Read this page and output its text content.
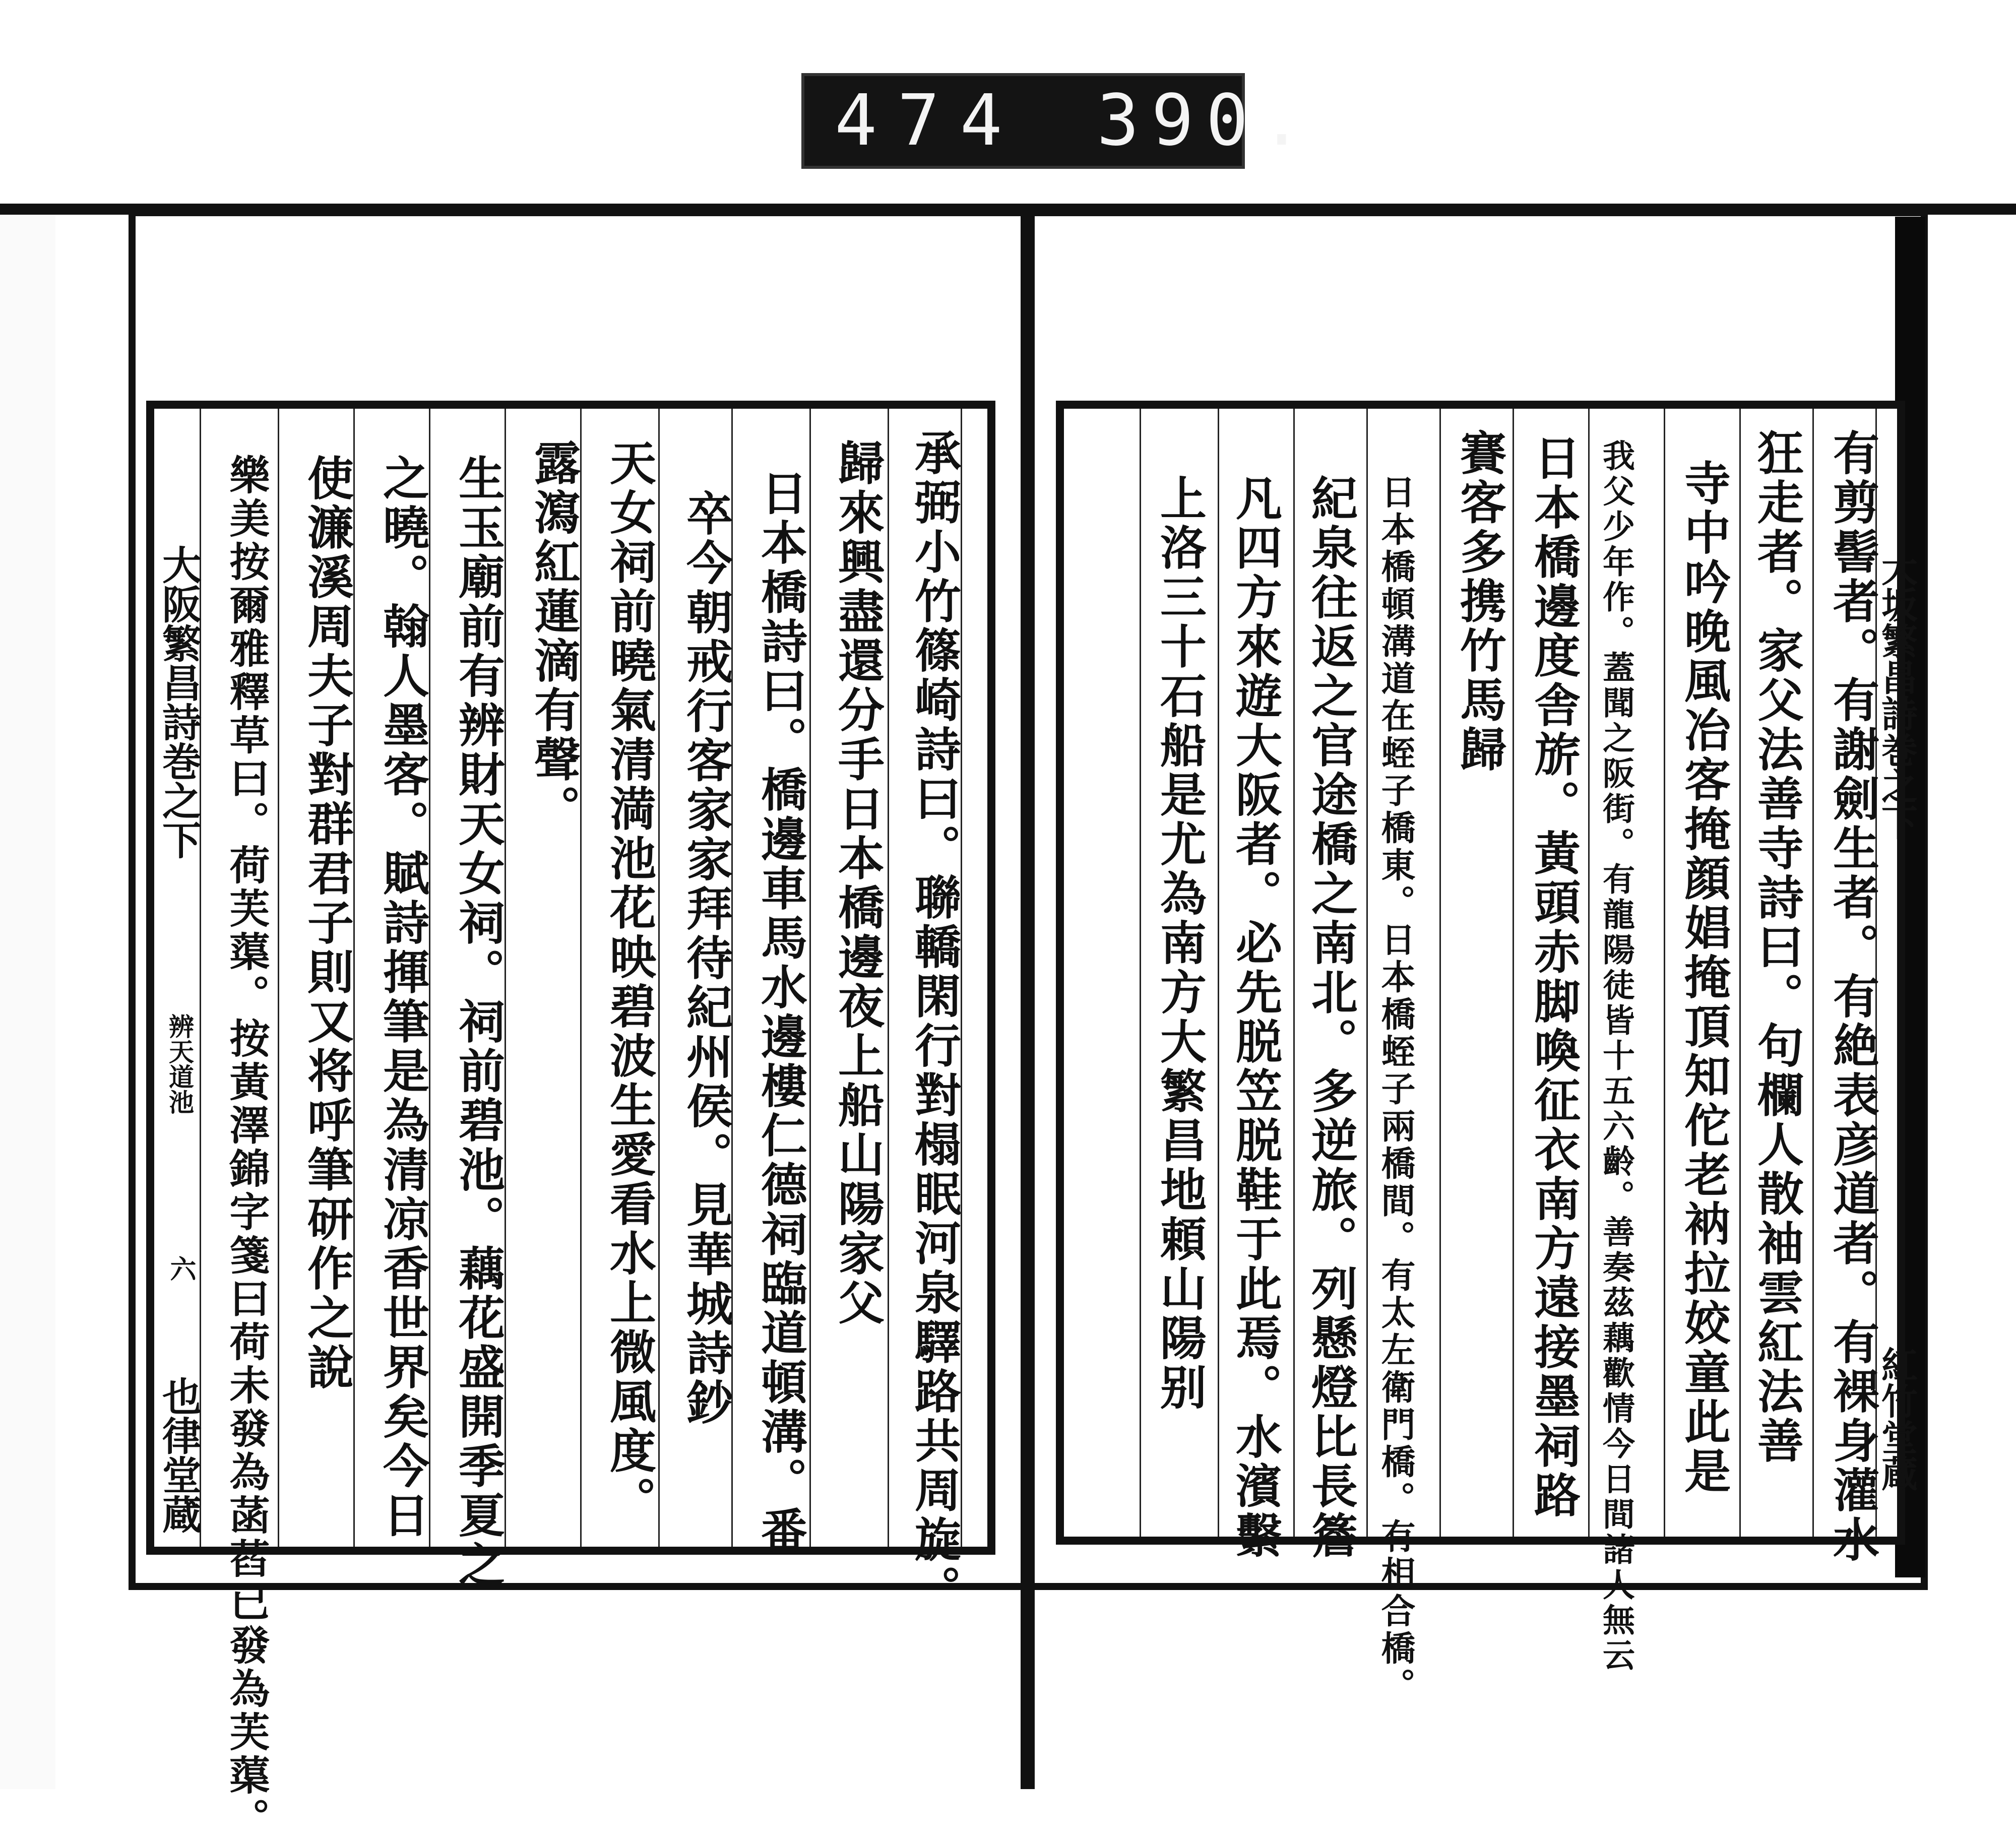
474 390.
大阪繁昌詩巻之下
辨天道池
六
也律堂蔵	承弼小竹篠崎詩曰。聯轎閑行對榻眠河泉驛路共周旋。
歸來興盡還分手日本橋邊夜上船山陽家父
日本橋詩曰。橋邊車馬水邊樓仁德祠臨道頓溝。番
卒今朝戒行客家家拜待紀州侯。見華城詩鈔
天女祠前曉氣清満池花映碧波生愛看水上微風度。
露瀉紅蓮滴有聲。
生玉廟前有辨財天女祠。祠前碧池。藕花盛開季夏之
之曉。翰人墨客。賦詩揮筆是為清凉香世界矣今日
使濂溪周夫子對群君子則又将呼筆研作之說
樂美按爾雅釋草曰。荷芙蕖。按黃澤錦字箋曰荷未發為菡萏已發為芙蕖。	有剪髻者。有謝劍生者。有絶表彦道者。有裸身灌水
狂走者。家父法善寺詩曰。句欄人散袖雲紅法善
寺中吟晚風冶客掩顔娼掩頂知佗老衲拉姣童此是
我父少年作。蓋聞之阪街。有龍陽徒皆十五六齡。善奏茲藕歡情今日間諸人無云
日本橋邊度舎旂。黃頭赤脚喚征衣南方遠接墨祠路
賽客多携竹馬歸
日本橋頓溝道在蛭子橋東。日本橋蛭子兩橋間。有太左衛門橋。有相合橋。
紀泉往返之官途橋之南北。多逆旅。列懸燈比長簷
凡四方來遊大阪者。必先脱笠脱鞋于此焉。水濱繫
上洛三十石船是尤為南方大繁昌地頼山陽别	大坂繁昌詩巻之下
紅竹堂蔵
